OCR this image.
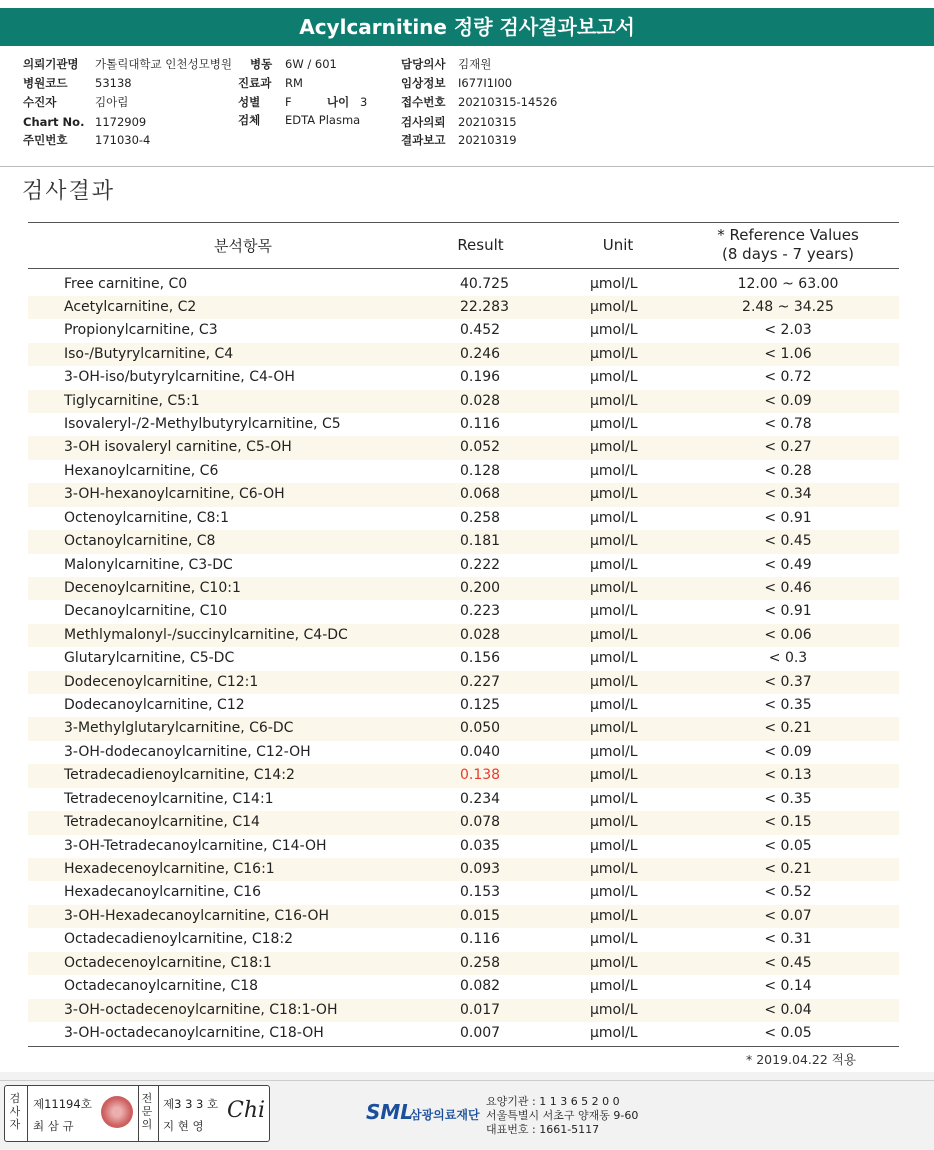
Acylcarnitine 정량 검사결과보고서
의뢰기관명 가톨릭대학교 인천성모병원 병동 6W / 601	담당의사 김재원
병원코드 53138	진료과 RM	임상정보 I677I1I00
수진자	김아림	성별 F	나이 3	접수번호 20210315-14526
Chart No. 1172909	검체 EDTA Plasma	검사의뢰 20210315
주민번호 171030-4	결과보고 20210319
검사결과
분석항목	Result	Unit
* Reference Values
(8 days - 7 years)
Free carnitine, C0	40.725	μmol/L	12.00 ~ 63.00
Acetylcarnitine, C2	22.283	μmol/L	2.48 ~ 34.25
Propionylcarnitine, C3	0.452	μmol/L	< 2.03
Iso-/Butyrylcarnitine, C4	0.246	μmol/L	< 1.06
3-OH-iso/butyrylcarnitine, C4-OH	0.196	μmol/L	< 0.72
Tiglycarnitine, C5:1	0.028	μmol/L	< 0.09
Isovaleryl-/2-Methylbutyrylcarnitine, C5	0.116	μmol/L	< 0.78
3-OH isovaleryl carnitine, C5-OH	0.052	μmol/L	< 0.27
Hexanoylcarnitine, C6	0.128	μmol/L	< 0.28
3-OH-hexanoylcarnitine, C6-OH	0.068	μmol/L	< 0.34
Octenoylcarnitine, C8:1	0.258	μmol/L	< 0.91
Octanoylcarnitine, C8	0.181	μmol/L	< 0.45
Malonylcarnitine, C3-DC	0.222	μmol/L	< 0.49
Decenoylcarnitine, C10:1	0.200	μmol/L	< 0.46
Decanoylcarnitine, C10	0.223	μmol/L	< 0.91
Methlymalonyl-/succinylcarnitine, C4-DC	0.028	μmol/L	< 0.06
Glutarylcarnitine, C5-DC	0.156	μmol/L	< 0.3
Dodecenoylcarnitine, C12:1	0.227	μmol/L	< 0.37
Dodecanoylcarnitine, C12	0.125	μmol/L	< 0.35
3-Methylglutarylcarnitine, C6-DC	0.050	μmol/L	< 0.21
3-OH-dodecanoylcarnitine, C12-OH	0.040	μmol/L	< 0.09
Tetradecadienoylcarnitine, C14:2	0.138	μmol/L	< 0.13
Tetradecenoylcarnitine, C14:1	0.234	μmol/L	< 0.35
Tetradecanoylcarnitine, C14	0.078	μmol/L	< 0.15
3-OH-Tetradecanoylcarnitine, C14-OH	0.035	μmol/L	< 0.05
Hexadecenoylcarnitine, C16:1	0.093	μmol/L	< 0.21
Hexadecanoylcarnitine, C16	0.153	μmol/L	< 0.52
3-OH-Hexadecanoylcarnitine, C16-OH	0.015	μmol/L	< 0.07
Octadecadienoylcarnitine, C18:2	0.116	μmol/L	< 0.31
Octadecenoylcarnitine, C18:1	0.258	μmol/L	< 0.45
Octadecanoylcarnitine, C18	0.082	μmol/L	< 0.14
3-OH-octadecenoylcarnitine, C18:1-OH	0.017	μmol/L	< 0.04
3-OH-octadecanoylcarnitine, C18-OH	0.007	μmol/L	< 0.05
* 2019.04.22 적용
검사자
제11194호
최 삼 규
전문의
제3 3 3 호
지 현 영
Chi	SML
삼광의료재단
요양기관 : 1 1 3 6 5 2 0 0
서울특별시 서초구 양재동 9-60
대표번호 : 1661-5117
